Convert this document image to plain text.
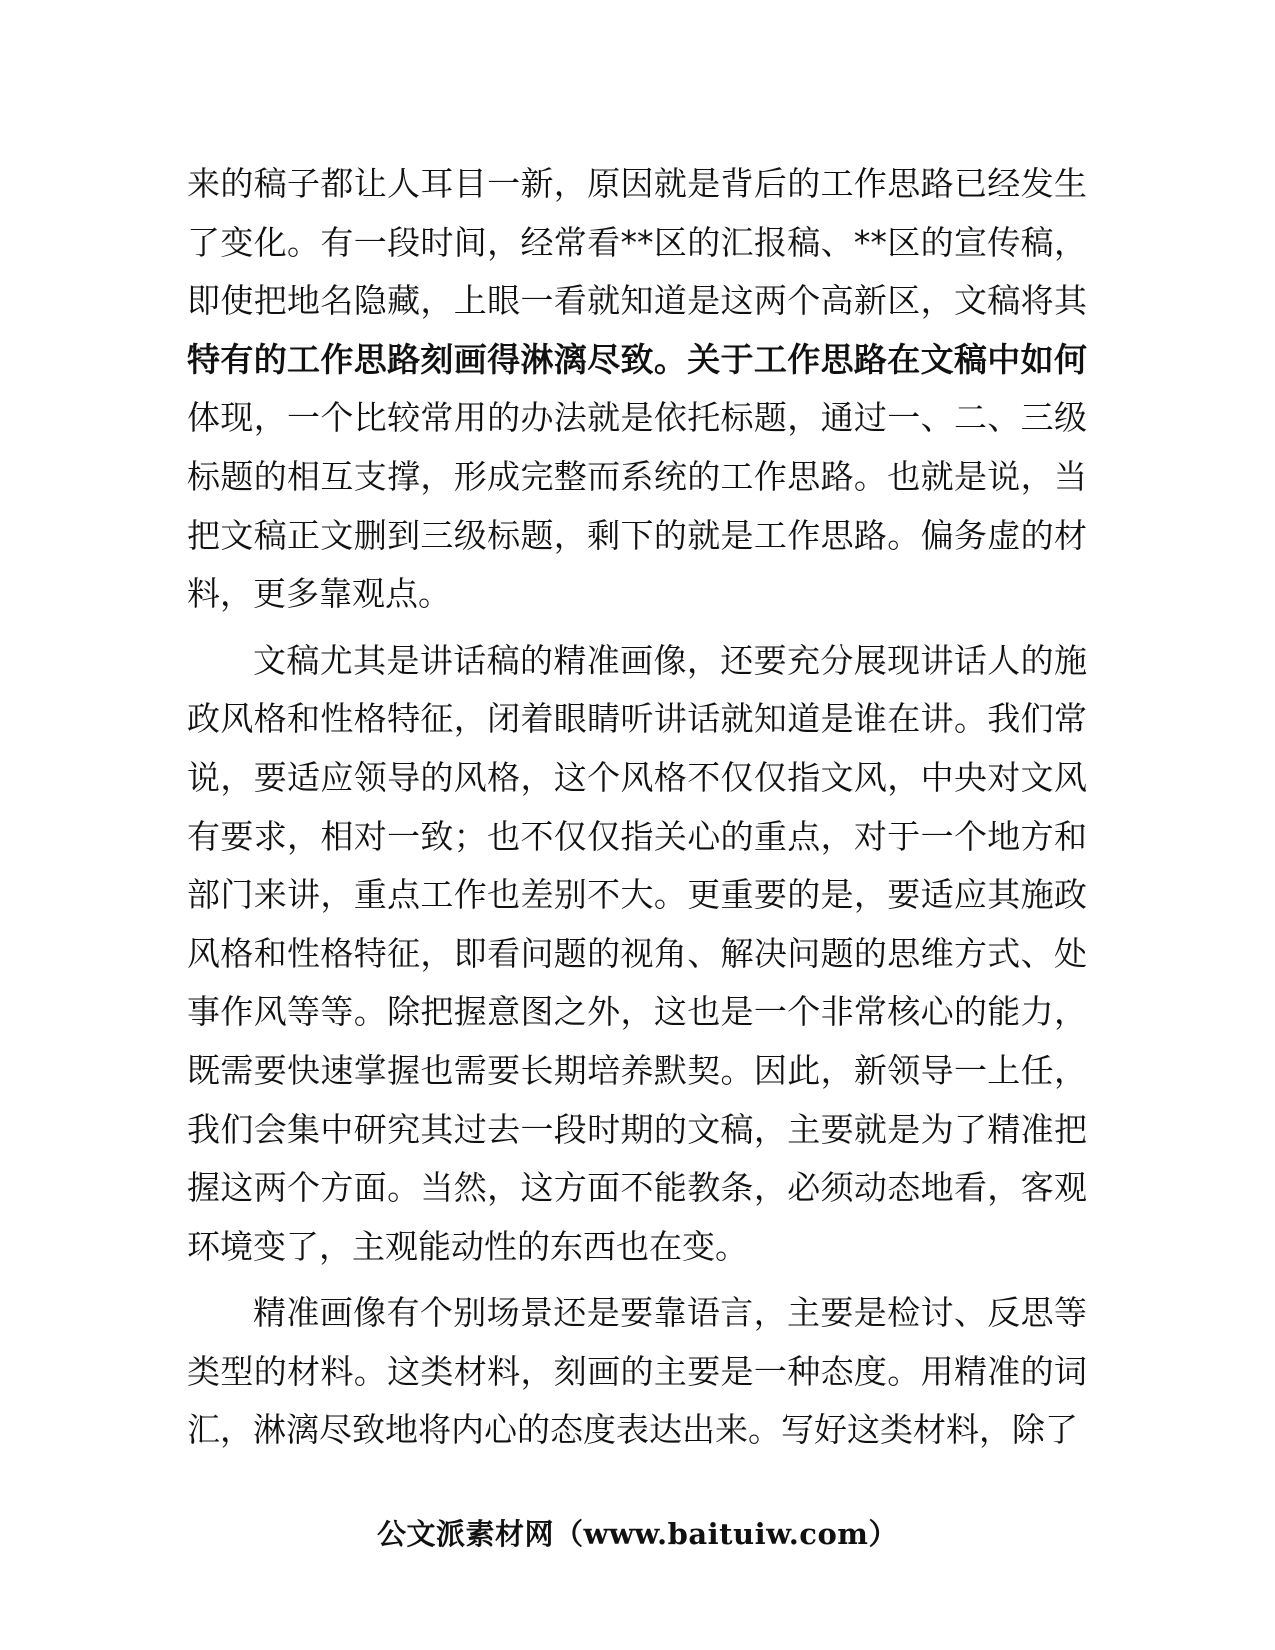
来的稿子都让人耳目一新，原因就是背后的工作思路已经发生了变化。有一段时间，经常看**区的汇报稿、**区的宣传稿，即使把地名隐藏，上眼一看就知道是这两个高新区，文稿将其特有的工作思路刻画得淋漓尽致。关于工作思路在文稿中如何体现，一个比较常用的办法就是依托标题，通过一、二、三级标题的相互支撑，形成完整而系统的工作思路。也就是说，当把文稿正文删到三级标题，剩下的就是工作思路。偏务虚的材料，更多靠观点。

文稿尤其是讲话稿的精准画像，还要充分展现讲话人的施政风格和性格特征，闭着眼睛听讲话就知道是谁在讲。我们常说，要适应领导的风格，这个风格不仅仅指文风，中央对文风有要求，相对一致；也不仅仅指关心的重点，对于一个地方和部门来讲，重点工作也差别不大。更重要的是，要适应其施政风格和性格特征，即看问题的视角、解决问题的思维方式、处事作风等等。除把握意图之外，这也是一个非常核心的能力，既需要快速掌握也需要长期培养默契。因此，新领导一上任，我们会集中研究其过去一段时期的文稿，主要就是为了精准把握这两个方面。当然，这方面不能教条，必须动态地看，客观环境变了，主观能动性的东西也在变。

精准画像有个别场景还是要靠语言，主要是检讨、反思等类型的材料。这类材料，刻画的主要是一种态度。用精准的词汇，淋漓尽致地将内心的态度表达出来。写好这类材料，除了

公文派素材网（www.baituiw.com）
